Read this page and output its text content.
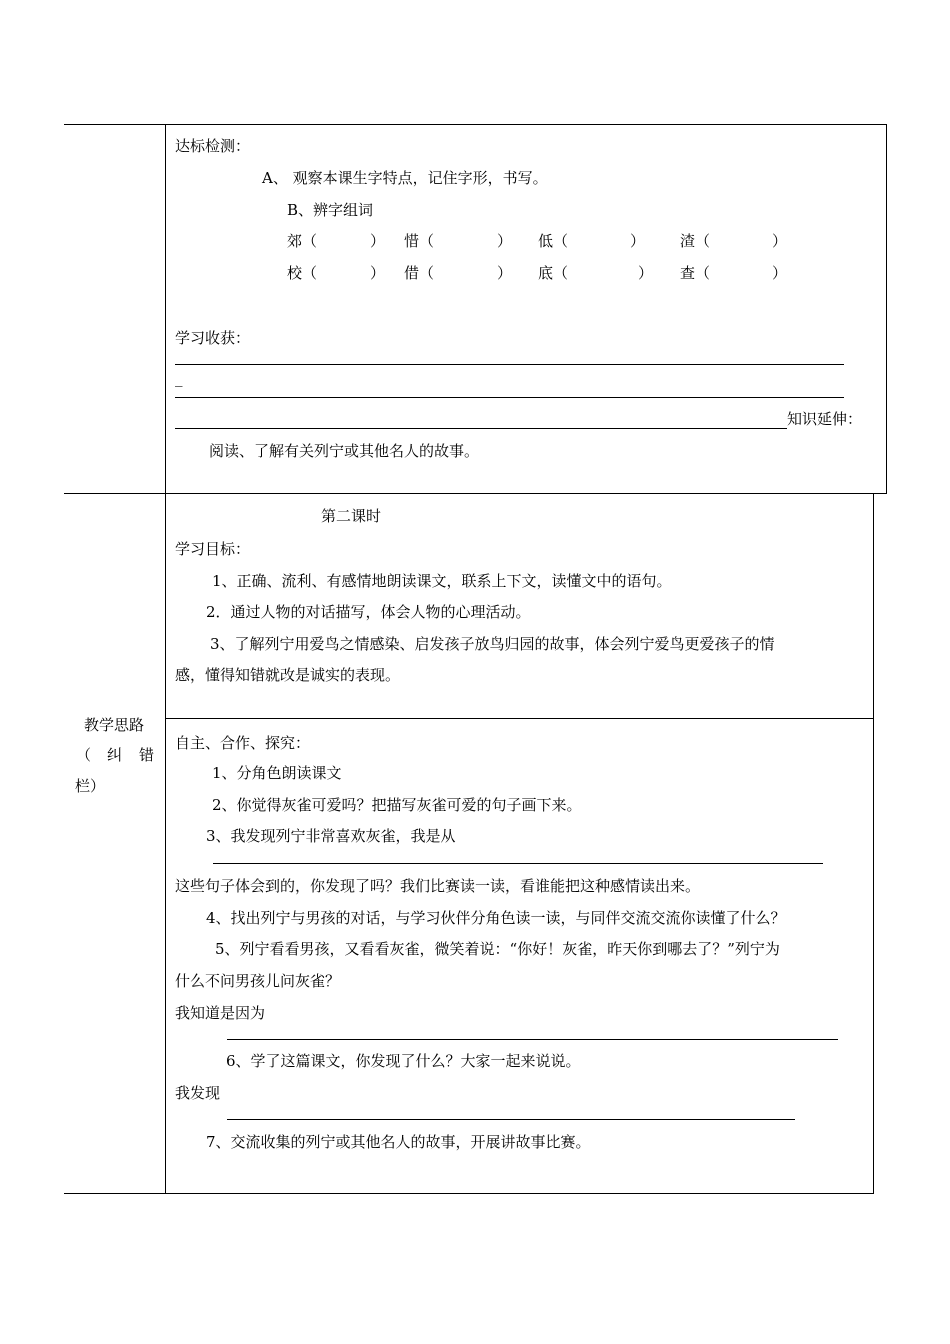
达标检测：
A、 观察本课生字特点，记住字形，书写。
B、辨字组词
郊（	） 惜（	） 低（	） 渣（	）
校（	） 借（	） 底（	） 查（	）
学习收获：
_
知识延伸：
阅读、了解有关列宁或其他名人的故事。
教学思路
（ 纠 错
栏）
第二课时
学习目标：
1、正确、流利、有感情地朗读课文，联系上下文，读懂文中的语句。
2．通过人物的对话描写，体会人物的心理活动。
3、了解列宁用爱鸟之情感染、启发孩子放鸟归园的故事，体会列宁爱鸟更爱孩子的情
感，懂得知错就改是诚实的表现。
自主、合作、探究：
1、分角色朗读课文
2、你觉得灰雀可爱吗？把描写灰雀可爱的句子画下来。
3、我发现列宁非常喜欢灰雀，我是从
这些句子体会到的，你发现了吗？我们比赛读一读，看谁能把这种感情读出来。
4、找出列宁与男孩的对话，与学习伙伴分角色读一读，与同伴交流交流你读懂了什么？
5、列宁看看男孩，又看看灰雀，微笑着说：“你好！灰雀，昨天你到哪去了？”列宁为
什么不问男孩儿问灰雀？
我知道是因为
6、学了这篇课文，你发现了什么？大家一起来说说。
我发现
7、交流收集的列宁或其他名人的故事，开展讲故事比赛。
